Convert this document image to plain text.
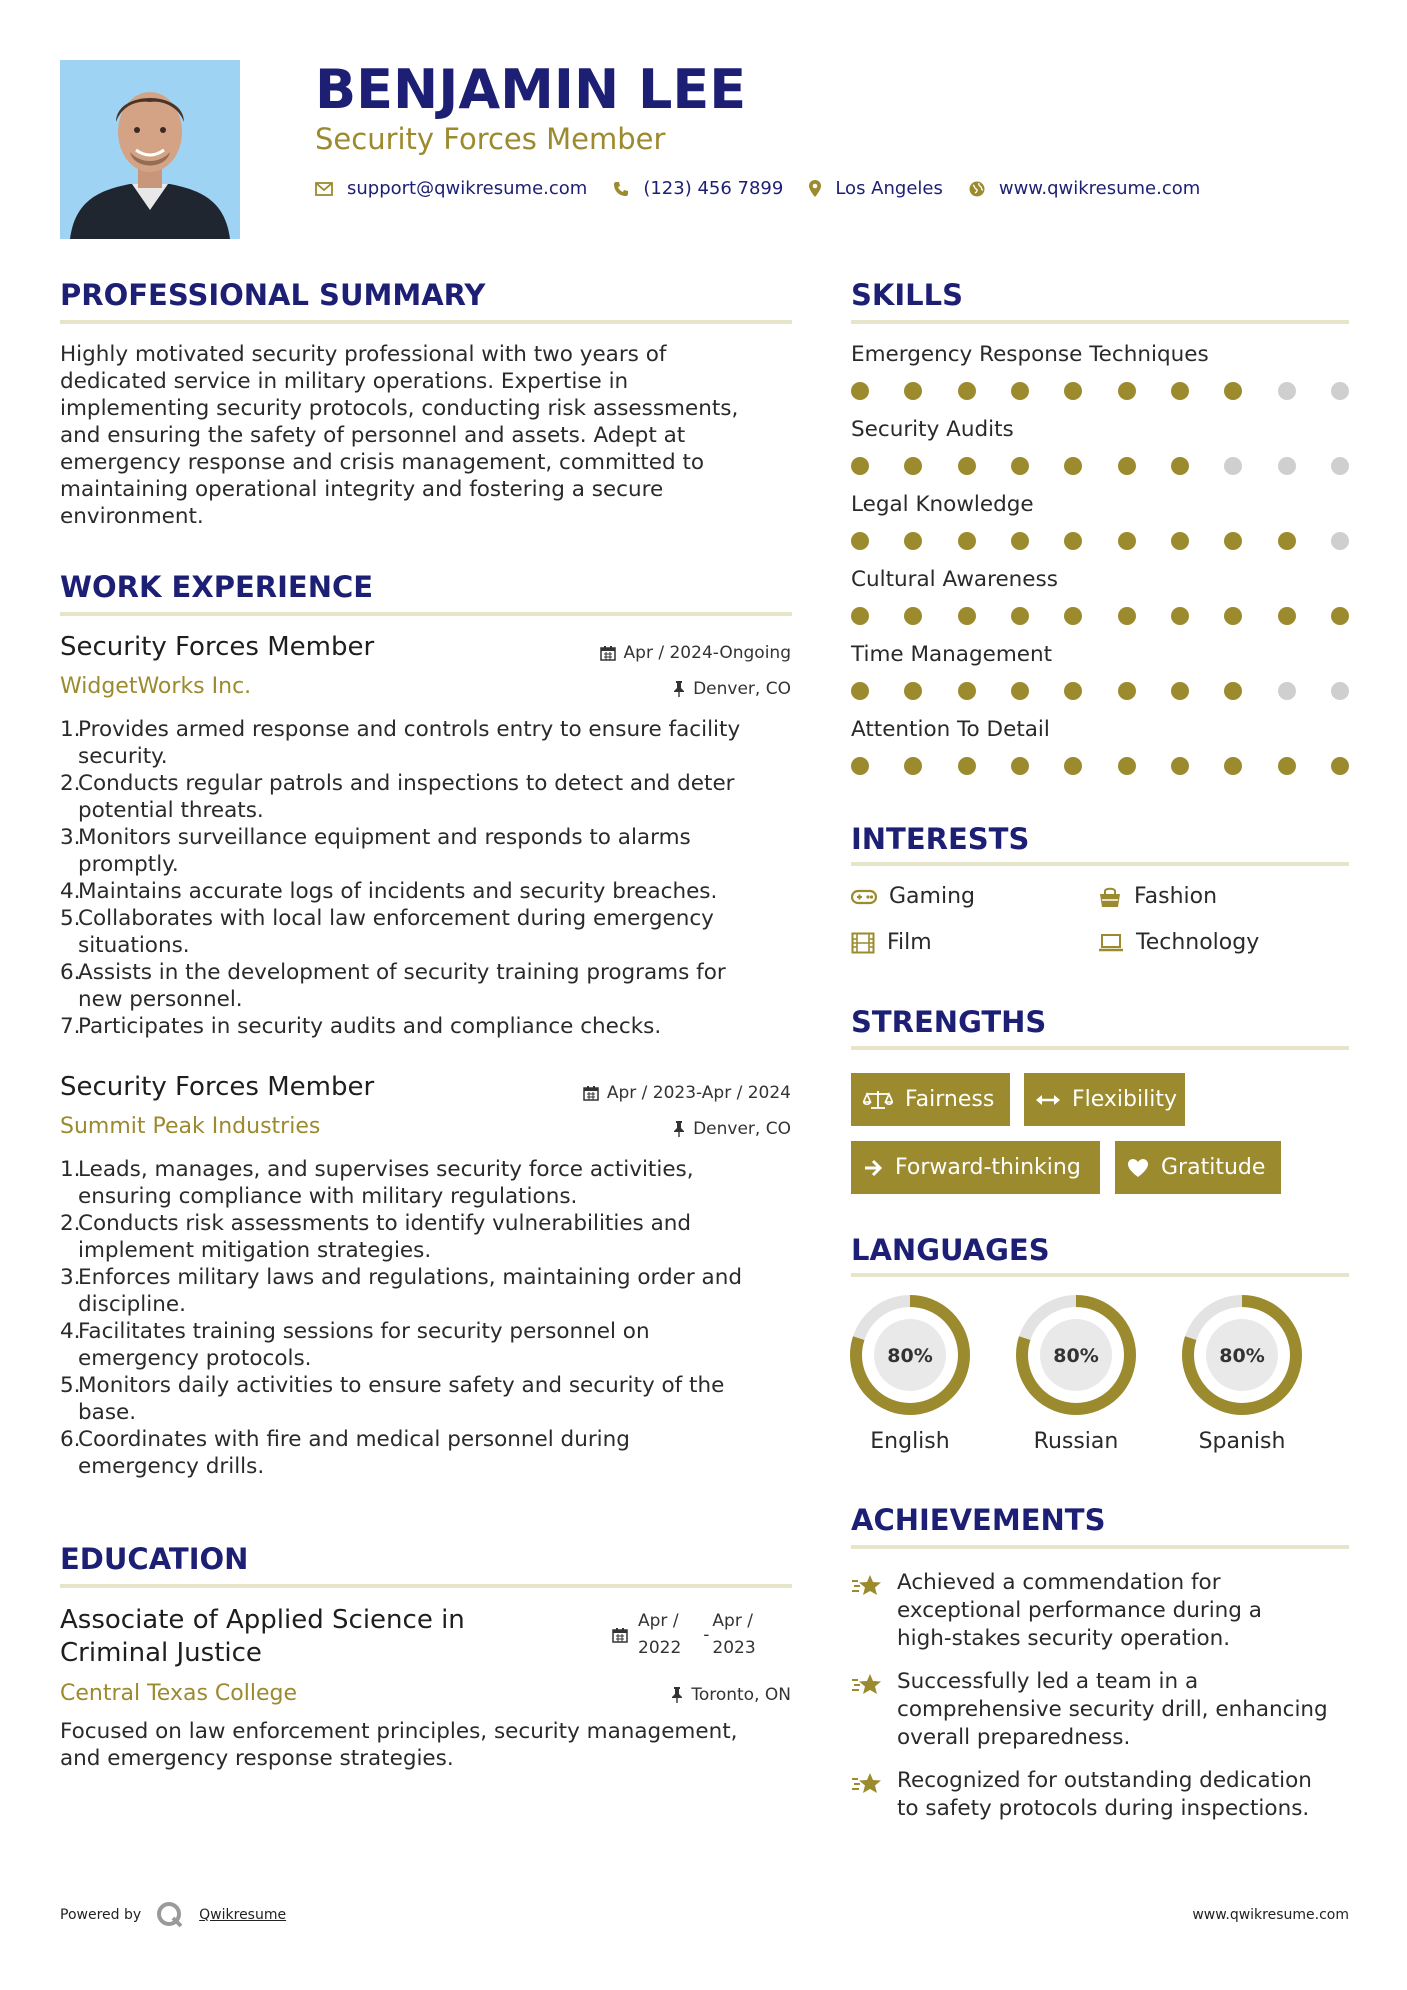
BENJAMIN LEE
Security Forces Member
support@qwikresume.com	(123) 456 7899	Los Angeles	www.qwikresume.com
PROFESSIONAL SUMMARY
Highly motivated security professional with two years of
dedicated service in military operations. Expertise in
implementing security protocols, conducting risk assessments,
and ensuring the safety of personnel and assets. Adept at
emergency response and crisis management, committed to
maintaining operational integrity and fostering a secure
environment.
WORK EXPERIENCE
Security Forces Member	Apr / 2024-Ongoing
WidgetWorks Inc.	Denver, CO
1.
Provides armed response and controls entry to ensure facility
security.
2.
Conducts regular patrols and inspections to detect and deter
potential threats.
3.
Monitors surveillance equipment and responds to alarms
promptly.
4.
Maintains accurate logs of incidents and security breaches.
5.
Collaborates with local law enforcement during emergency
situations.
6.
Assists in the development of security training programs for
new personnel.
7.
Participates in security audits and compliance checks.
Security Forces Member	Apr / 2023-Apr / 2024
Summit Peak Industries	Denver, CO
1.
Leads, manages, and supervises security force activities,
ensuring compliance with military regulations.
2.
Conducts risk assessments to identify vulnerabilities and
implement mitigation strategies.
3.
Enforces military laws and regulations, maintaining order and
discipline.
4.
Facilitates training sessions for security personnel on
emergency protocols.
5.
Monitors daily activities to ensure safety and security of the
base.
6.
Coordinates with fire and medical personnel during
emergency drills.
EDUCATION
Associate of Applied Science in
Criminal Justice
Apr /
2022
-
Apr /
2023
Central Texas College	Toronto, ON
Focused on law enforcement principles, security management,
and emergency response strategies.
SKILLS
Emergency Response Techniques
Security Audits
Legal Knowledge
Cultural Awareness
Time Management
Attention To Detail
INTERESTS
Gaming	Fashion
Film	Technology
STRENGTHS
Fairness	Flexibility
Forward-thinking	Gratitude
LANGUAGES
80%
English
80%
Russian
80%
Spanish
ACHIEVEMENTS
Achieved a commendation for
exceptional performance during a
high-stakes security operation.
Successfully led a team in a
comprehensive security drill, enhancing
overall preparedness.
Recognized for outstanding dedication
to safety protocols during inspections.
Powered by	Qwikresume	www.qwikresume.com
